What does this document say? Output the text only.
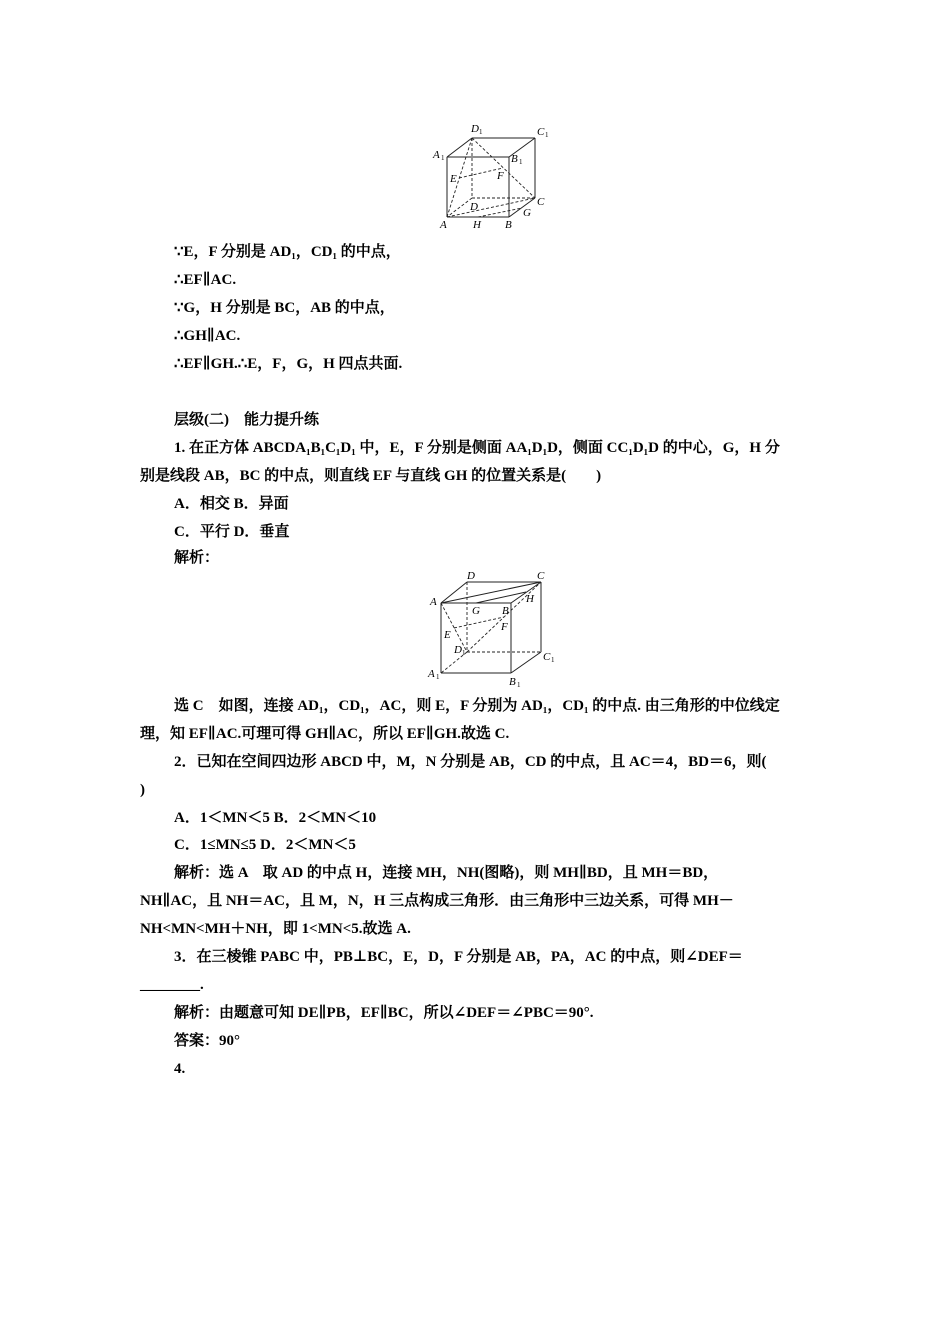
D 1	C 1
A 1	B 1
E	F
D	C
G
A H B
∵E，F 分别是 AD₁，CD₁ 的中点，
∴EF∥AC.
∵G，H 分别是 BC，AB 的中点，
∴GH∥AC.
∴EF∥GH.∴E，F，G，H 四点共面.
层级(二)　能力提升练
1. 在正方体 ABCDA₁B₁C₁D₁ 中，E，F 分别是侧面 AA₁D₁D，侧面 CC₁D₁D 的中心，G，H 分
别是线段 AB，BC 的中点，则直线 EF 与直线 GH 的位置关系是(　　)
A．相交 B．异面
C．平行 D．垂直
解析：
D	C
A
G B
H
F
E
D 1	C 1
A 1	B 1
选 C　如图，连接 AD₁，CD₁，AC，则 E，F 分别为 AD₁，CD₁ 的中点. 由三角形的中位线定
理，知 EF∥AC.可理可得 GH∥AC，所以 EF∥GH.故选 C.
2．已知在空间四边形 ABCD 中，M，N 分别是 AB，CD 的中点，且 AC＝4，BD＝6，则(
)
A．1＜MN＜5 B．2＜MN＜10
C．1≤MN≤5 D．2＜MN＜5
解析：选 A　取 AD 的中点 H，连接 MH，NH(图略)，则 MH∥BD，且 MH＝BD，
NH∥AC，且 NH＝AC，且 M，N，H 三点构成三角形．由三角形中三边关系，可得 MH－
NH<MN<MH＋NH，即 1<MN<5.故选 A.
3．在三棱锥 PABC 中，PB⊥BC，E，D，F 分别是 AB，PA，AC 的中点，则∠DEF＝
________.
解析：由题意可知 DE∥PB，EF∥BC，所以∠DEF＝∠PBC＝90°.
答案：90°
4.
